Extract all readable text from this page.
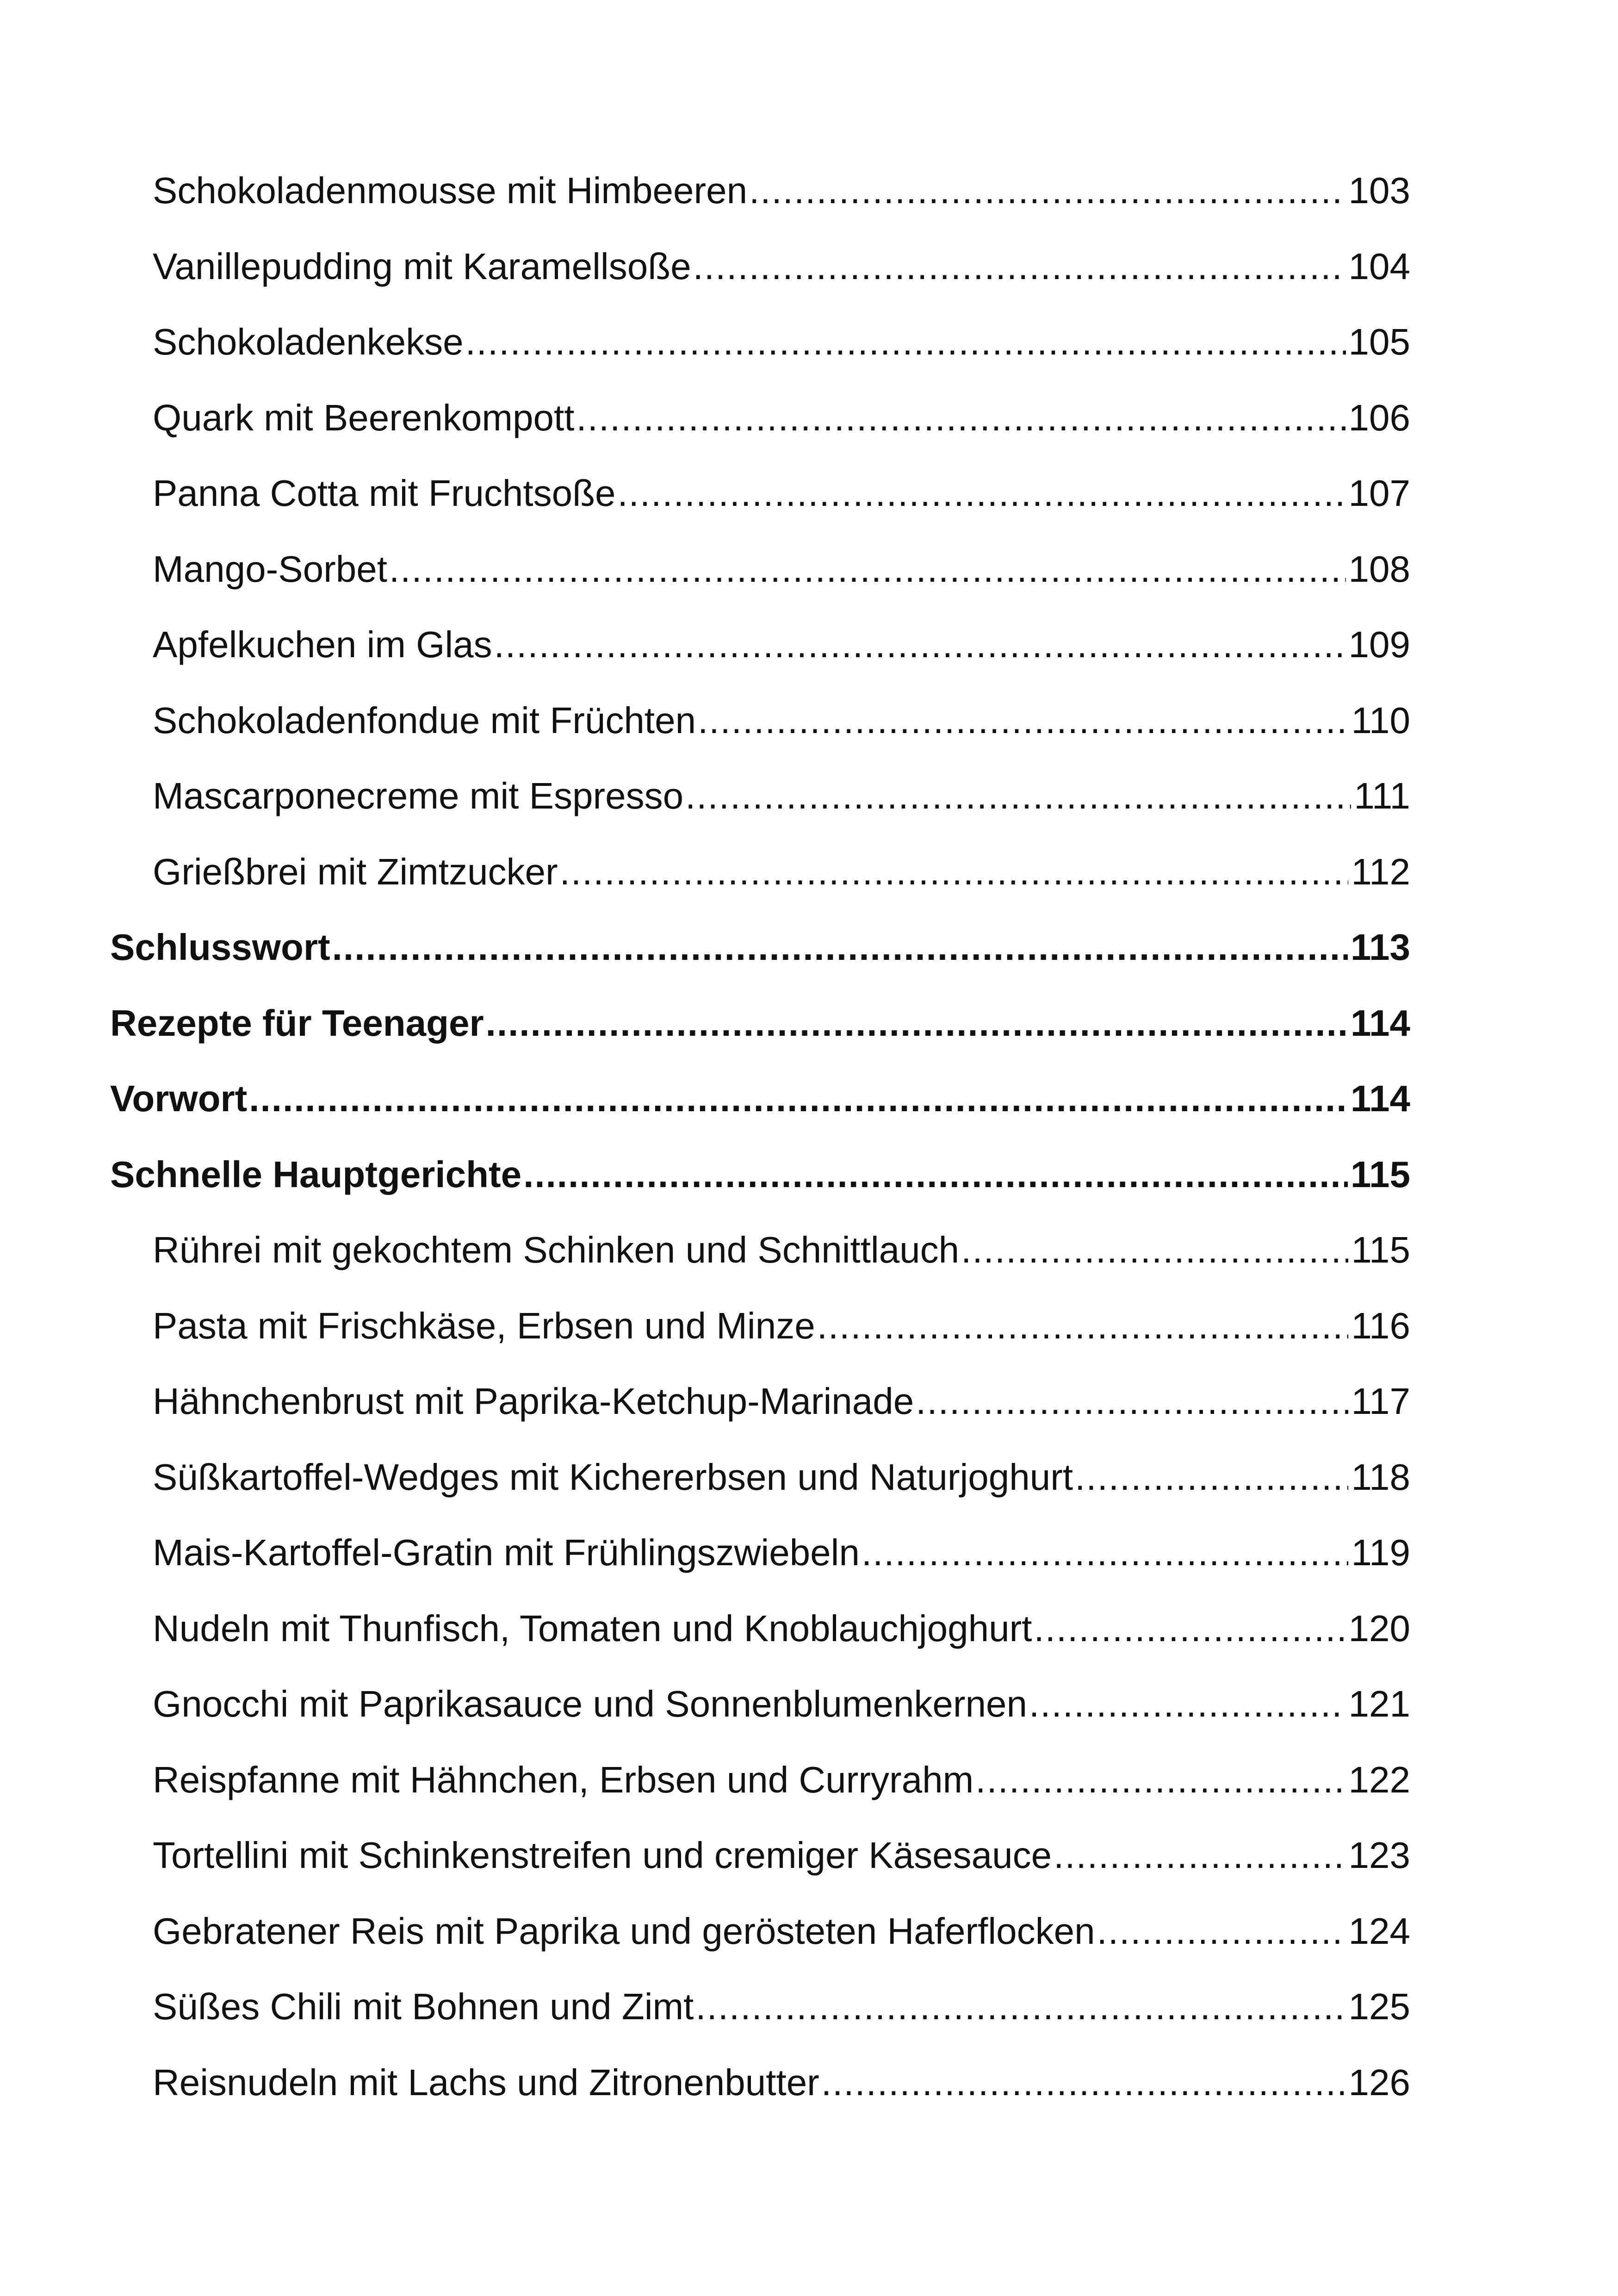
Schokoladenmousse mit Himbeeren .....	103
Vanillepudding mit Karamellsoße .....	104
Schokoladenkekse .....	105
Quark mit Beerenkompott .....	106
Panna Cotta mit Fruchtsoße .....	107
Mango-Sorbet .....	108
Apfelkuchen im Glas .....	109
Schokoladenfondue mit Früchten .....	110
Mascarponecreme mit Espresso .....	111
Grießbrei mit Zimtzucker .....	112
Schlusswort .....	113
Rezepte für Teenager .....	114
Vorwort .....	114
Schnelle Hauptgerichte .....	115
Rührei mit gekochtem Schinken und Schnittlauch .....	115
Pasta mit Frischkäse, Erbsen und Minze .....	116
Hähnchenbrust mit Paprika-Ketchup-Marinade .....	117
Süßkartoffel-Wedges mit Kichererbsen und Naturjoghurt .....	118
Mais-Kartoffel-Gratin mit Frühlingszwiebeln .....	119
Nudeln mit Thunfisch, Tomaten und Knoblauchjoghurt .....	120
Gnocchi mit Paprikasauce und Sonnenblumenkernen .....	121
Reispfanne mit Hähnchen, Erbsen und Curryrahm .....	122
Tortellini mit Schinkenstreifen und cremiger Käsesauce .....	123
Gebratener Reis mit Paprika und gerösteten Haferflocken .....	124
Süßes Chili mit Bohnen und Zimt .....	125
Reisnudeln mit Lachs und Zitronenbutter .....	126
